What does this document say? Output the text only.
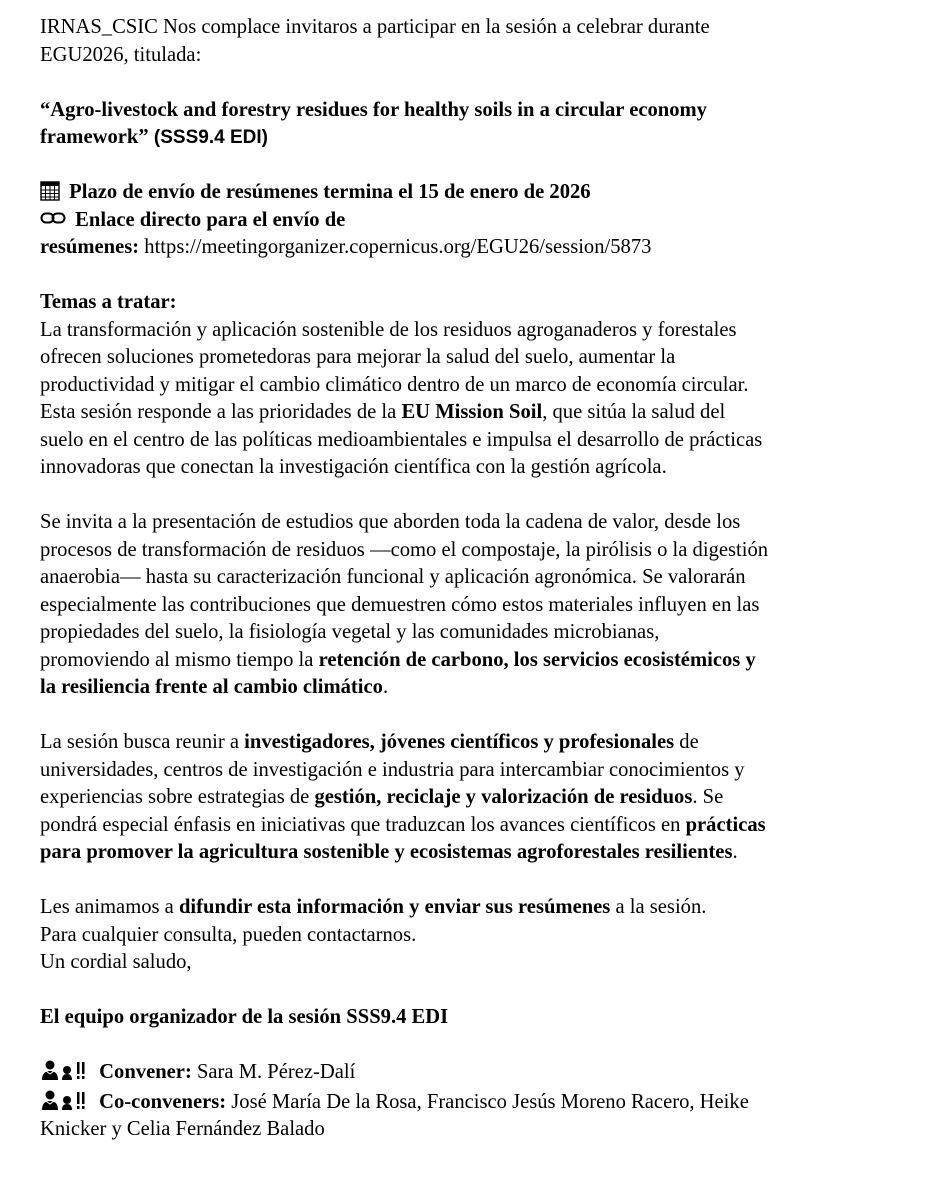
IRNAS_CSIC Nos complace invitaros a participar en la sesión a celebrar durante

EGU2026, titulada:

“Agro-livestock and forestry residues for healthy soils in a circular economy

framework” (SSS9.4 EDI)

Plazo de envío de resúmenes termina el 15 de enero de 2026

Enlace directo para el envío de

resúmenes: https://meetingorganizer.copernicus.org/EGU26/session/5873

Temas a tratar:

La transformación y aplicación sostenible de los residuos agroganaderos y forestales

ofrecen soluciones prometedoras para mejorar la salud del suelo, aumentar la

productividad y mitigar el cambio climático dentro de un marco de economía circular.

Esta sesión responde a las prioridades de la EU Mission Soil, que sitúa la salud del

suelo en el centro de las políticas medioambientales e impulsa el desarrollo de prácticas

innovadoras que conectan la investigación científica con la gestión agrícola.

Se invita a la presentación de estudios que aborden toda la cadena de valor, desde los

procesos de transformación de residuos —como el compostaje, la pirólisis o la digestión

anaerobia— hasta su caracterización funcional y aplicación agronómica. Se valorarán

especialmente las contribuciones que demuestren cómo estos materiales influyen en las

propiedades del suelo, la fisiología vegetal y las comunidades microbianas,

promoviendo al mismo tiempo la retención de carbono, los servicios ecosistémicos y

la resiliencia frente al cambio climático.

La sesión busca reunir a investigadores, jóvenes científicos y profesionales de

universidades, centros de investigación e industria para intercambiar conocimientos y

experiencias sobre estrategias de gestión, reciclaje y valorización de residuos. Se

pondrá especial énfasis en iniciativas que traduzcan los avances científicos en prácticas

para promover la agricultura sostenible y ecosistemas agroforestales resilientes.

Les animamos a difundir esta información y enviar sus resúmenes a la sesión.

Para cualquier consulta, pueden contactarnos.

Un cordial saludo,

El equipo organizador de la sesión SSS9.4 EDI

Convener: Sara M. Pérez-Dalí

Co-conveners: José María De la Rosa, Francisco Jesús Moreno Racero, Heike

Knicker y Celia Fernández Balado
